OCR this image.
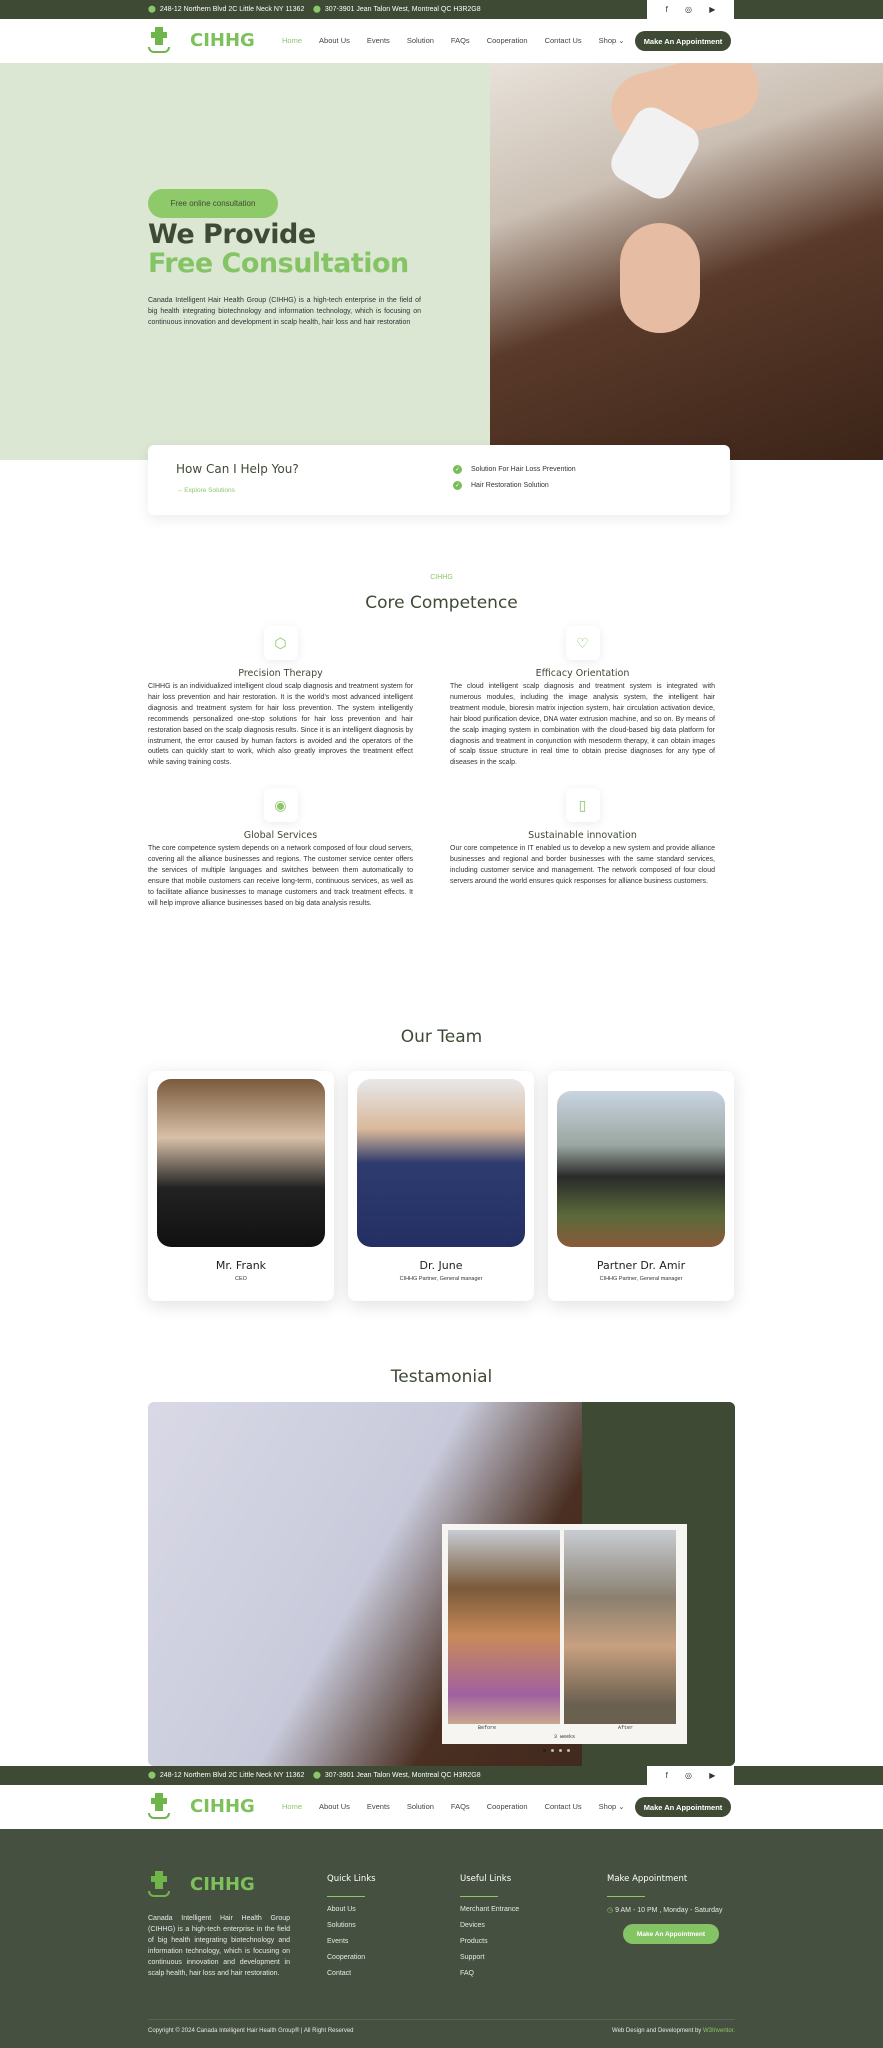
⬤ 248-12 Northern Blvd 2C Little Neck NY 11362 ⬤ 307-3901 Jean Talon West, Montreal QC H3R2G8	f ◎ ▶
CIHHG	Home About Us Events Solution FAQs Cooperation Contact Us Shop ⌄	Make An Appointment
Free online consultation
We Provide
Free Consultation

Canada Intelligent Hair Health Group (CIHHG) is a high-tech enterprise in the field of big health integrating biotechnology and information technology, which is focusing on continuous innovation and development in scalp health, hair loss and hair restoration

How Can I Help You?
→ Explore Solutions
✓ Solution For Hair Loss Prevention
✓ Hair Restoration Solution
CIHHG
Core Competence
⬡
Precision Therapy

CIHHG is an individualized intelligent cloud scalp diagnosis and treatment system for hair loss prevention and hair restoration. It is the world's most advanced intelligent diagnosis and treatment system for hair loss prevention. The system intelligently recommends personalized one-stop solutions for hair loss prevention and hair restoration based on the scalp diagnosis results. Since it is an intelligent diagnosis by instrument, the error caused by human factors is avoided and the operators of the outlets can quickly start to work, which also greatly improves the treatment effect while saving training costs.

♡
Efficacy Orientation

The cloud intelligent scalp diagnosis and treatment system is integrated with numerous modules, including the image analysis system, the intelligent hair treatment module, bioresin matrix injection system, hair circulation activation device, hair blood purification device, DNA water extrusion machine, and so on. By means of the scalp imaging system in combination with the cloud-based big data platform for diagnosis and treatment in conjunction with mesoderm therapy, it can obtain images of scalp tissue structure in real time to obtain precise diagnoses for any type of diseases in the scalp.

◉
Global Services

The core competence system depends on a network composed of four cloud servers, covering all the alliance businesses and regions. The customer service center offers the services of multiple languages and switches between them automatically to ensure that mobile customers can receive long-term, continuous services, as well as to facilitate alliance businesses to manage customers and track treatment effects. It will help improve alliance businesses based on big data analysis results.

▯
Sustainable innovation

Our core competence in IT enabled us to develop a new system and provide alliance businesses and regional and border businesses with the same standard services, including customer service and management. The network composed of four cloud servers around the world ensures quick responses for alliance business customers.

Our Team
Mr. Frank
CEO
Dr. June
CIHHG Partner, General manager
Partner Dr. Amir
CIHHG Partner, General manager
Testamonial
Before	After
3 weeks
⬤ 248-12 Northern Blvd 2C Little Neck NY 11362 ⬤ 307-3901 Jean Talon West, Montreal QC H3R2G8	f ◎ ▶
CIHHG	Home About Us Events Solution FAQs Cooperation Contact Us Shop ⌄	Make An Appointment
CIHHG

Canada Intelligent Hair Health Group (CIHHG) is a high-tech enterprise in the field of big health integrating biotechnology and information technology, which is focusing on continuous innovation and development in scalp health, hair loss and hair restoration.

Quick Links
About Us
Solutions
Events
Cooperation
Contact
Useful Links
Merchant Entrance
Devices
Products
Support
FAQ
Make Appointment
◷ 9 AM - 10 PM , Monday - Saturday
Make An Appointment
Copyright © 2024 Canada Intelligent Hair Health Group® | All Right Reserved	Web Design and Development by W3Inventor.
